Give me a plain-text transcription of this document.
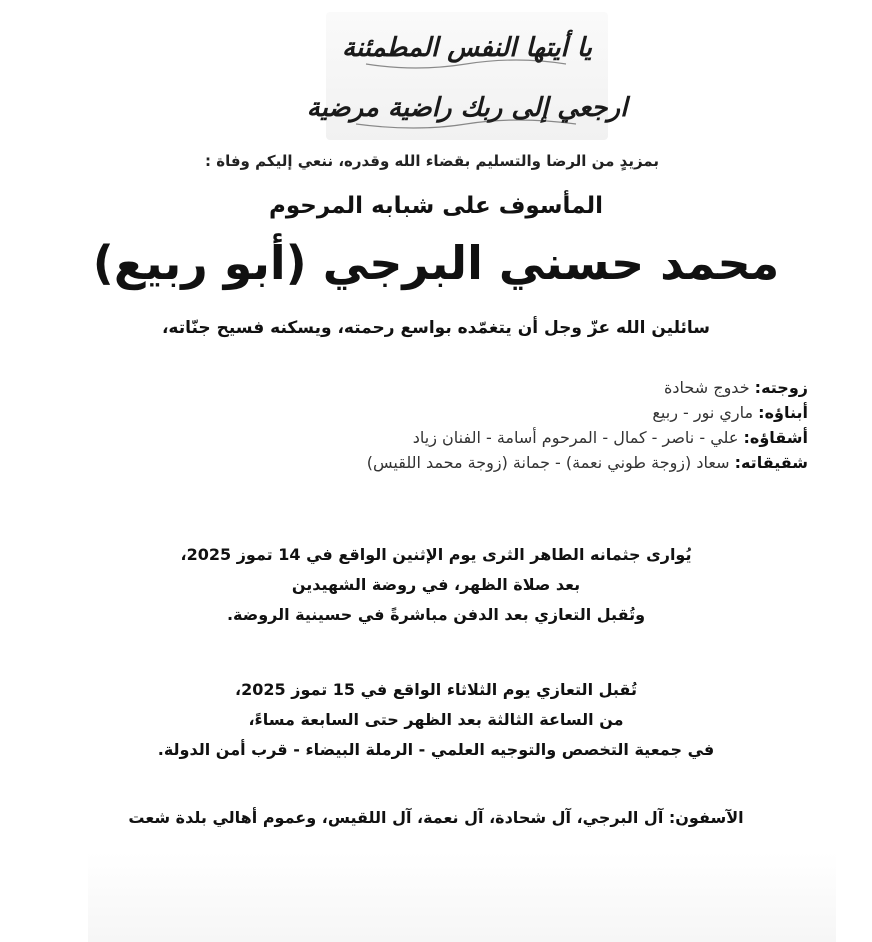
يا أيتها النفس المطمئنة
ارجعي إلى ربك راضية مرضية
بمزيدٍ من الرضا والتسليم بقضاء الله وقدره، ننعي إليكم وفاة :
المأسوف على شبابه المرحوم
محمد حسني البرجي (أبو ربيع)
سائلين الله عزّ وجل أن يتغمّده بواسع رحمته، ويسكنه فسيح جنّاته،
زوجته: خدوج شحادة
أبناؤه: ماري نور - ربيع
أشقاؤه: علي - ناصر - كمال - المرحوم أسامة - الفنان زياد
شقيقاته: سعاد (زوجة طوني نعمة) - جمانة (زوجة محمد اللقيس)
يُوارى جثمانه الطاهر الثرى يوم الإثنين الواقع في 14 تموز 2025،
بعد صلاة الظهر، في روضة الشهيدين
وتُقبل التعازي بعد الدفن مباشرةً في حسينية الروضة.
تُقبل التعازي يوم الثلاثاء الواقع في 15 تموز 2025،
من الساعة الثالثة بعد الظهر حتى السابعة مساءً،
في جمعية التخصص والتوجيه العلمي - الرملة البيضاء - قرب أمن الدولة.
الآسفون: آل البرجي، آل شحادة، آل نعمة، آل اللقيس، وعموم أهالي بلدة شعت
